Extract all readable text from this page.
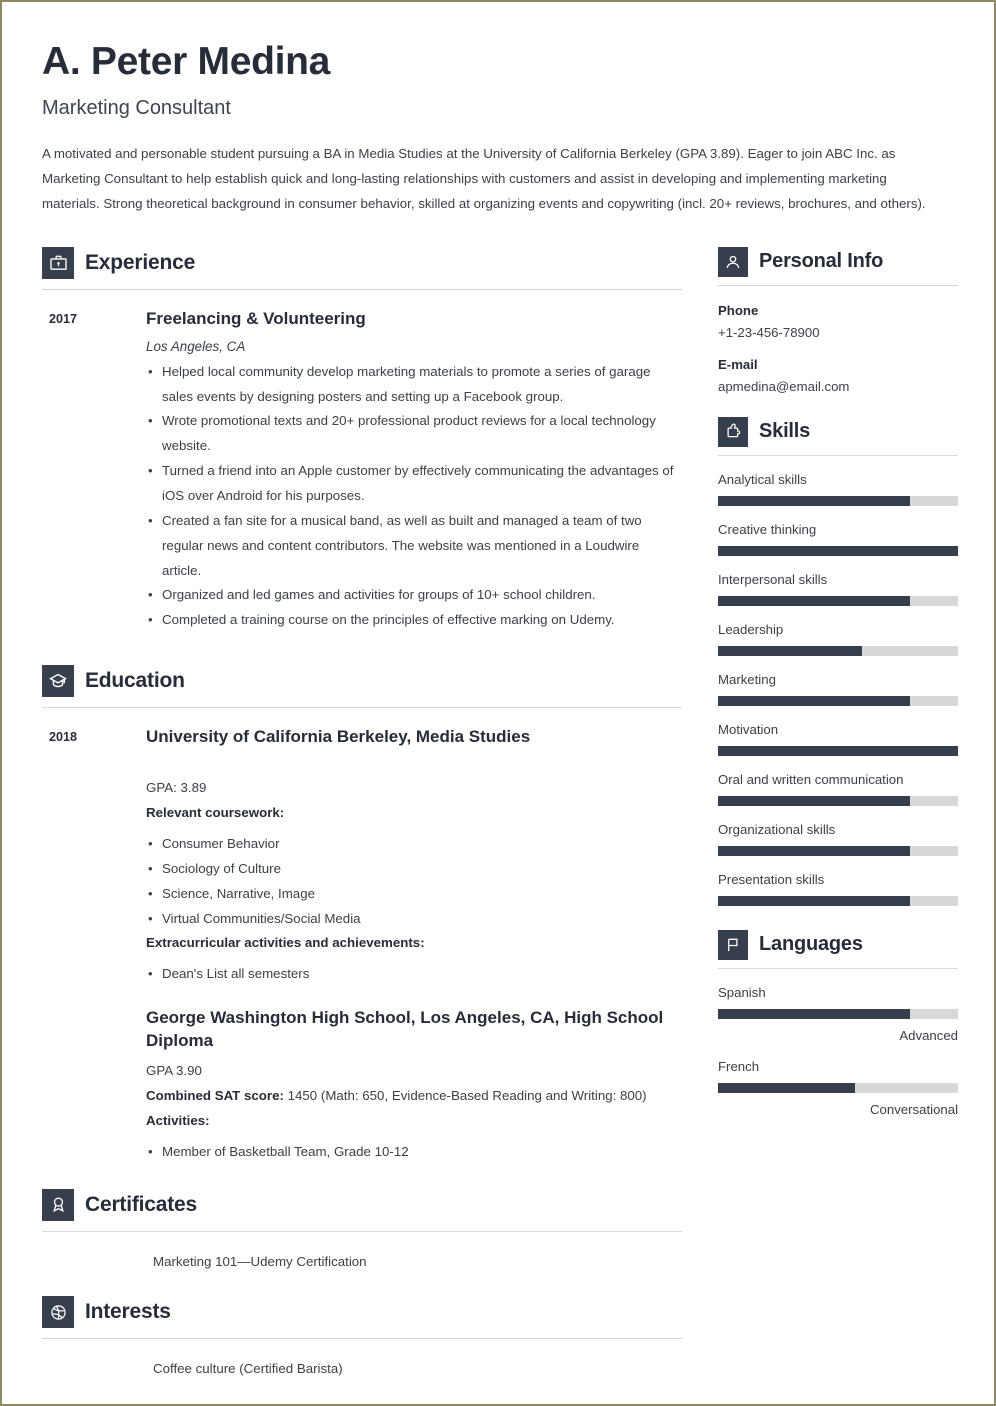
A. Peter Medina
Marketing Consultant

A motivated and personable student pursuing a BA in Media Studies at the University of California Berkeley (GPA 3.89). Eager to join ABC Inc. as Marketing Consultant to help establish quick and long-lasting relationships with customers and assist in developing and implementing marketing materials. Strong theoretical background in consumer behavior, skilled at organizing events and copywriting (incl. 20+ reviews, brochures, and others).

Experience
2017	Freelancing & Volunteering
Los Angeles, CA
• Helped local community develop marketing materials to promote a series of garage sales events by designing posters and setting up a Facebook group.
• Wrote promotional texts and 20+ professional product reviews for a local technology website.
• Turned a friend into an Apple customer by effectively communicating the advantages of iOS over Android for his purposes.
• Created a fan site for a musical band, as well as built and managed a team of two regular news and content contributors. The website was mentioned in a Loudwire article.
• Organized and led games and activities for groups of 10+ school children.
• Completed a training course on the principles of effective marking on Udemy.
Education
2018	University of California Berkeley, Media Studies
GPA: 3.89
Relevant coursework:
• Consumer Behavior
• Sociology of Culture
• Science, Narrative, Image
• Virtual Communities/Social Media
Extracurricular activities and achievements:
• Dean's List all semesters
George Washington High School, Los Angeles, CA, High School Diploma
GPA 3.90
Combined SAT score: 1450 (Math: 650, Evidence-Based Reading and Writing: 800)
Activities:
• Member of Basketball Team, Grade 10-12
Certificates
Marketing 101—Udemy Certification
Interests
Coffee culture (Certified Barista)
Personal Info
Phone
+1-23-456-78900
E-mail
apmedina@email.com
Skills
Analytical skills
Creative thinking
Interpersonal skills
Leadership
Marketing
Motivation
Oral and written communication
Organizational skills
Presentation skills
Languages
Spanish
Advanced
French
Conversational
